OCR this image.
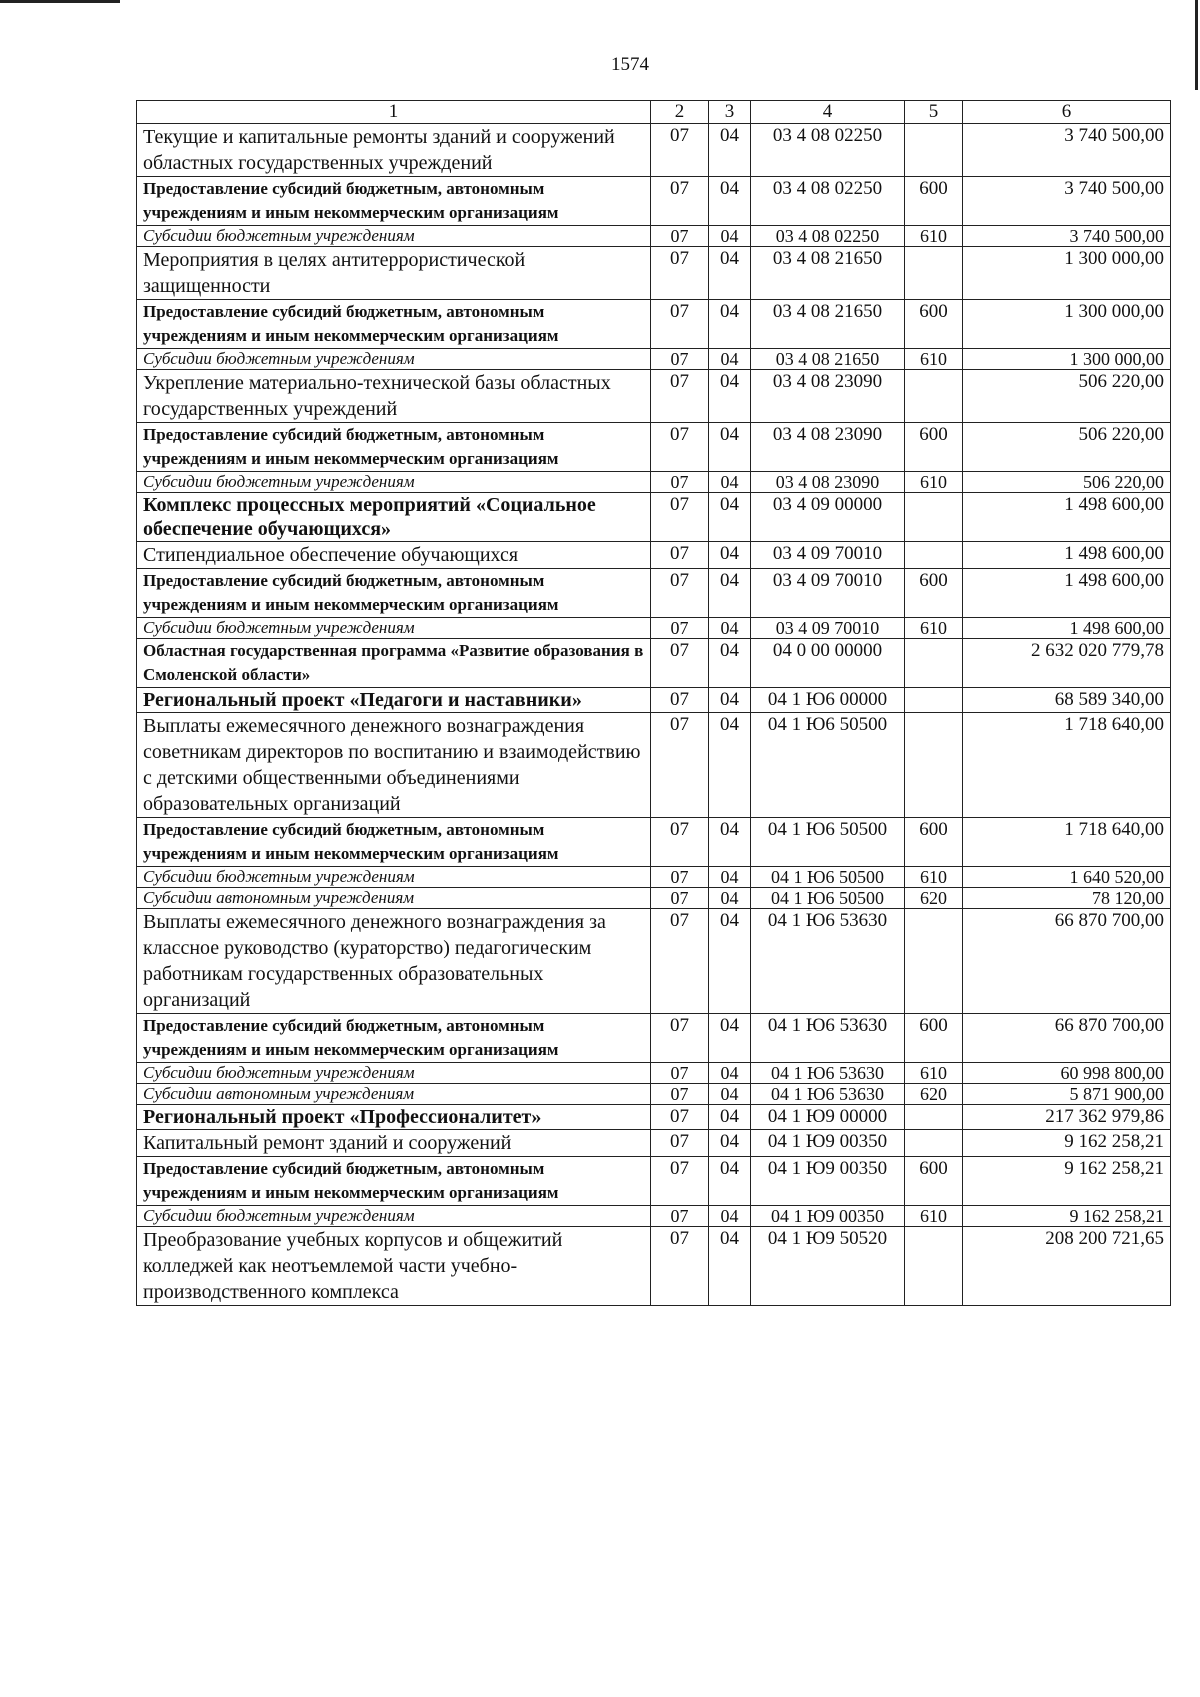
1574
1	2	3	4	5	6
Текущие и капитальные ремонты зданий и сооружений областных государственных учреждений	07	04	03 4 08 02250		3 740 500,00
Предоставление субсидий бюджетным, автономным учреждениям и иным некоммерческим организациям	07	04	03 4 08 02250	600	3 740 500,00
Субсидии бюджетным учреждениям	07	04	03 4 08 02250	610	3 740 500,00
Мероприятия в целях антитеррористической защищенности	07	04	03 4 08 21650		1 300 000,00
Предоставление субсидий бюджетным, автономным учреждениям и иным некоммерческим организациям	07	04	03 4 08 21650	600	1 300 000,00
Субсидии бюджетным учреждениям	07	04	03 4 08 21650	610	1 300 000,00
Укрепление материально-технической базы областных государственных учреждений	07	04	03 4 08 23090		506 220,00
Предоставление субсидий бюджетным, автономным учреждениям и иным некоммерческим организациям	07	04	03 4 08 23090	600	506 220,00
Субсидии бюджетным учреждениям	07	04	03 4 08 23090	610	506 220,00
Комплекс процессных мероприятий «Социальное обеспечение обучающихся»	07	04	03 4 09 00000		1 498 600,00
Стипендиальное обеспечение обучающихся	07	04	03 4 09 70010		1 498 600,00
Предоставление субсидий бюджетным, автономным учреждениям и иным некоммерческим организациям	07	04	03 4 09 70010	600	1 498 600,00
Субсидии бюджетным учреждениям	07	04	03 4 09 70010	610	1 498 600,00
Областная государственная программа «Развитие образования в Смоленской области»	07	04	04 0 00 00000		2 632 020 779,78
Региональный проект «Педагоги и наставники»	07	04	04 1 Ю6 00000		68 589 340,00
Выплаты ежемесячного денежного вознаграждения советникам директоров по воспитанию и взаимодействию с детскими общественными объединениями образовательных организаций	07	04	04 1 Ю6 50500		1 718 640,00
Предоставление субсидий бюджетным, автономным учреждениям и иным некоммерческим организациям	07	04	04 1 Ю6 50500	600	1 718 640,00
Субсидии бюджетным учреждениям	07	04	04 1 Ю6 50500	610	1 640 520,00
Субсидии автономным учреждениям	07	04	04 1 Ю6 50500	620	78 120,00
Выплаты ежемесячного денежного вознаграждения за классное руководство (кураторство) педагогическим работникам государственных образовательных организаций	07	04	04 1 Ю6 53630		66 870 700,00
Предоставление субсидий бюджетным, автономным учреждениям и иным некоммерческим организациям	07	04	04 1 Ю6 53630	600	66 870 700,00
Субсидии бюджетным учреждениям	07	04	04 1 Ю6 53630	610	60 998 800,00
Субсидии автономным учреждениям	07	04	04 1 Ю6 53630	620	5 871 900,00
Региональный проект «Профессионалитет»	07	04	04 1 Ю9 00000		217 362 979,86
Капитальный ремонт зданий и сооружений	07	04	04 1 Ю9 00350		9 162 258,21
Предоставление субсидий бюджетным, автономным учреждениям и иным некоммерческим организациям	07	04	04 1 Ю9 00350	600	9 162 258,21
Субсидии бюджетным учреждениям	07	04	04 1 Ю9 00350	610	9 162 258,21
Преобразование учебных корпусов и общежитий колледжей как неотъемлемой части учебно-производственного комплекса	07	04	04 1 Ю9 50520		208 200 721,65
